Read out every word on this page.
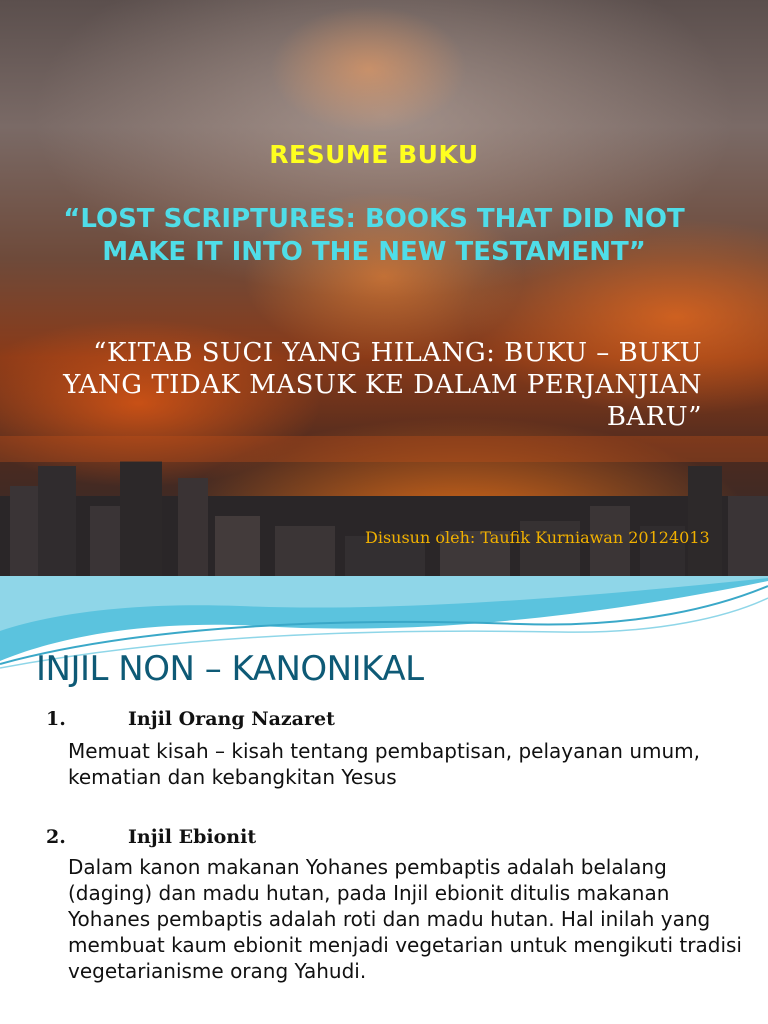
RESUME BUKU
“LOST SCRIPTURES: BOOKS THAT DID NOT MAKE IT INTO THE NEW TESTAMENT”

“KITAB SUCI YANG HILANG: BUKU – BUKU YANG TIDAK MASUK KE DALAM PERJANJIAN BARU”

Disusun oleh: Taufik Kurniawan 20124013
INJIL NON – KANONIKAL
1.	Injil Orang Nazaret

Memuat kisah – kisah tentang pembaptisan, pelayanan umum, kematian dan kebangkitan Yesus

2.	Injil Ebionit

Dalam kanon makanan Yohanes pembaptis adalah belalang (daging) dan madu hutan, pada Injil ebionit ditulis makanan Yohanes pembaptis adalah roti dan madu hutan. Hal inilah yang membuat kaum ebionit menjadi vegetarian untuk mengikuti tradisi vegetarianisme orang Yahudi.
